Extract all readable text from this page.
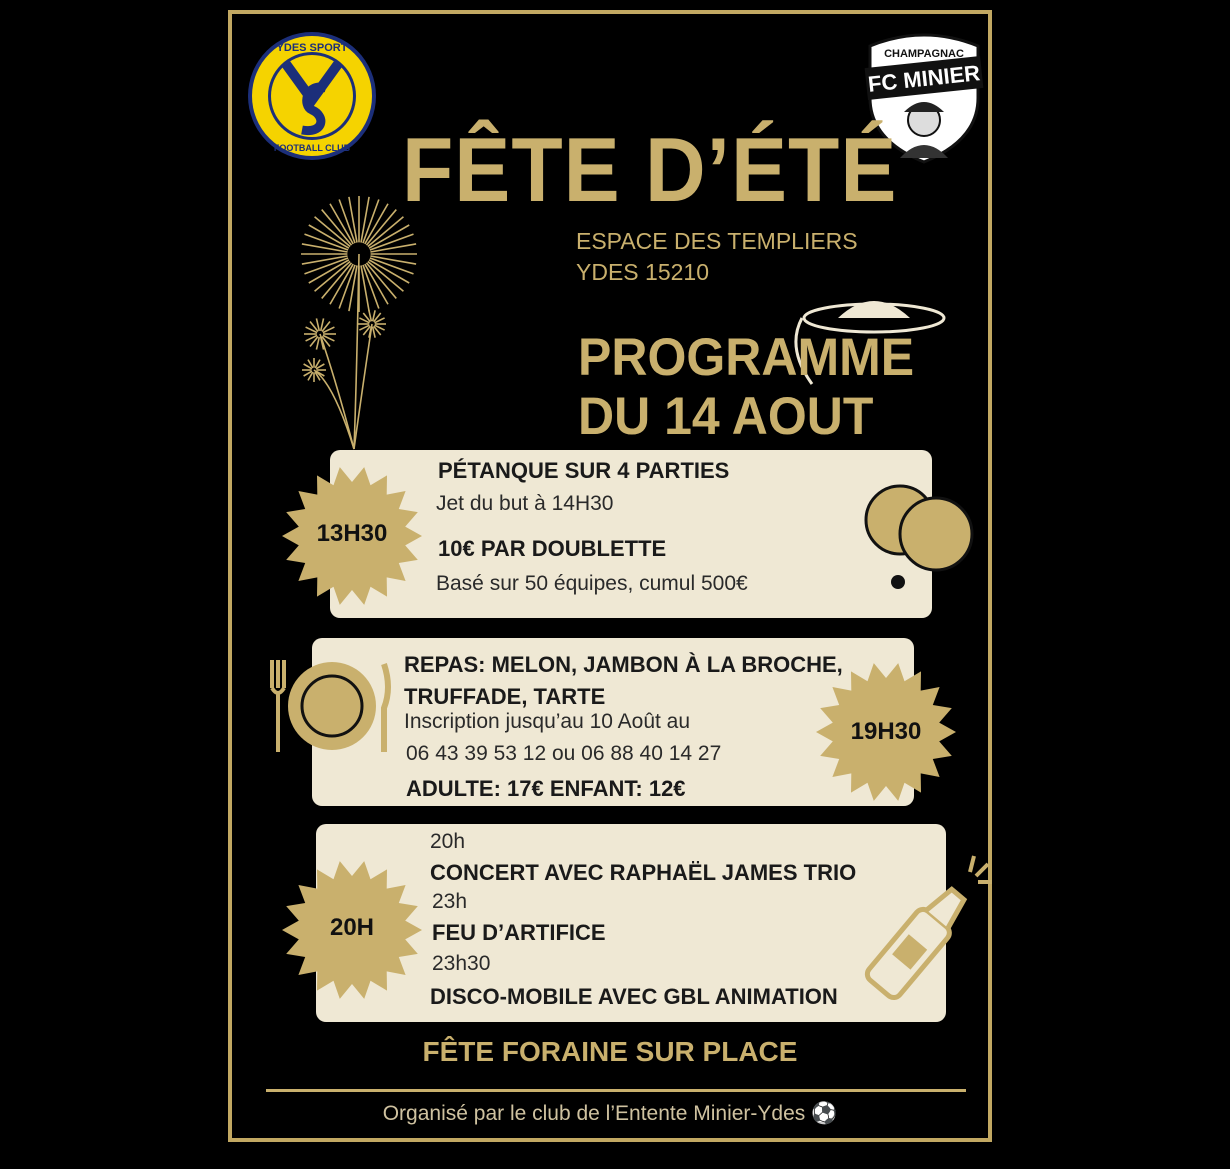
YDES SPORT
FOOTBALL CLUB
CHAMPAGNAC
FC MINIER
FÊTE D’ÉTÉ
ESPACE DES TEMPLIERS
YDES 15210
PROGRAMME
DU 14 AOUT
PÉTANQUE SUR 4 PARTIES
Jet du but à 14H30
10€ PAR DOUBLETTE
Basé sur 50 équipes, cumul 500€
13H30
REPAS: MELON, JAMBON À LA BROCHE,
TRUFFADE, TARTE
Inscription jusqu’au 10 Août au
06 43 39 53 12 ou 06 88 40 14 27
ADULTE: 17€ ENFANT: 12€
19H30
20h
CONCERT AVEC RAPHAËL JAMES TRIO
23h
FEU D’ARTIFICE
23h30
DISCO-MOBILE AVEC GBL ANIMATION
20H
FÊTE FORAINE SUR PLACE
Organisé par le club de l’Entente Minier-Ydes ⚽
